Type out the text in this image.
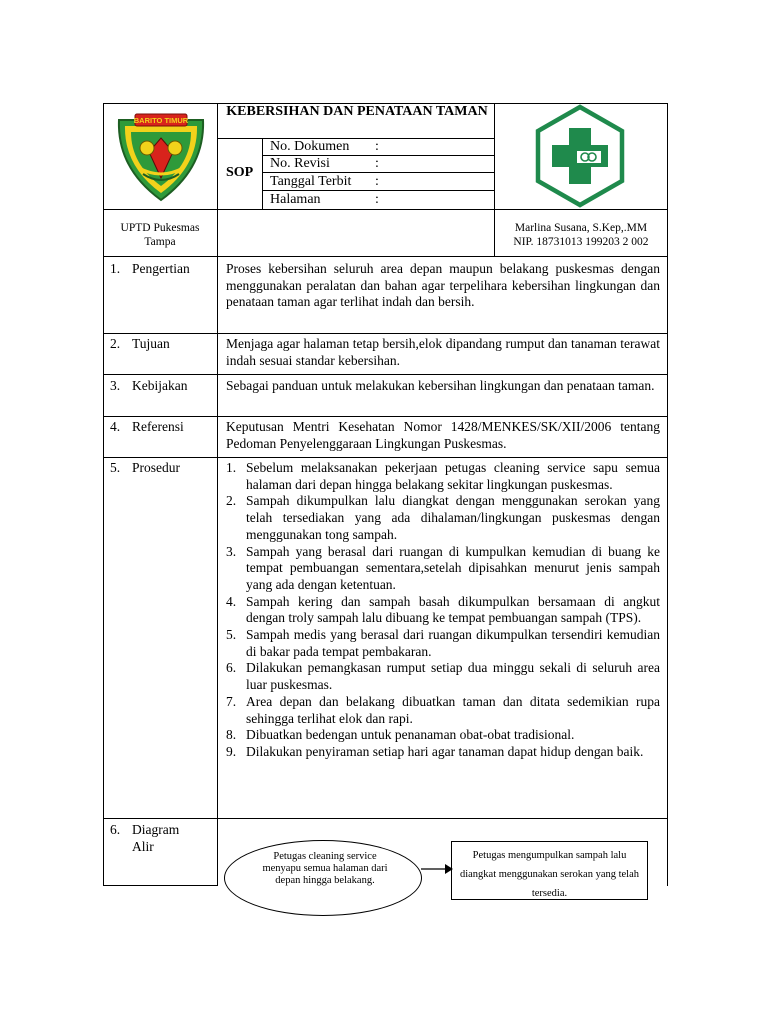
BARITO TIMUR
KEBERSIHAN DAN PENATAAN TAMAN
SOP
No. Dokumen :
No. Revisi	:
Tanggal Terbit :
Halaman	:
UPTD Pukesmas
Tampa
Marlina Susana, S.Kep,.MM
NIP. 18731013 199203 2 002
1. Pengertian
2. Tujuan
3. Kebijakan
4. Referensi
5. Prosedur
6. Diagram
Alir
Proses kebersihan seluruh area depan maupun belakang puskesmas dengan menggunakan peralatan dan bahan agar terpelihara kebersihan lingkungan dan penataan taman agar terlihat indah dan bersih.
Menjaga agar halaman tetap bersih,elok dipandang rumput dan tanaman terawat indah sesuai standar kebersihan.
Sebagai panduan untuk melakukan kebersihan lingkungan dan penataan taman.
Keputusan Mentri Kesehatan Nomor 1428/MENKES/SK/XII/2006 tentang Pedoman Penyelenggaraan Lingkungan Puskesmas.
1. Sebelum melaksanakan pekerjaan petugas cleaning service sapu semua halaman dari depan hingga belakang sekitar lingkungan puskesmas.
2. Sampah dikumpulkan lalu diangkat dengan menggunakan serokan yang telah tersediakan yang ada dihalaman/lingkungan puskesmas dengan menggunakan tong sampah.
3. Sampah yang berasal dari ruangan di kumpulkan kemudian di buang ke tempat pembuangan sementara,setelah dipisahkan menurut jenis sampah yang ada dengan ketentuan.
4. Sampah kering dan sampah basah dikumpulkan bersamaan di angkut dengan troly sampah lalu dibuang ke tempat pembuangan sampah (TPS).
5. Sampah medis yang berasal dari ruangan dikumpulkan tersendiri kemudian di bakar pada tempat pembakaran.
6. Dilakukan pemangkasan rumput setiap dua minggu sekali di seluruh area luar puskesmas.
7. Area depan dan belakang dibuatkan taman dan ditata sedemikian rupa sehingga terlihat elok dan rapi.
8. Dibuatkan bedengan untuk penanaman obat-obat tradisional.
9. Dilakukan penyiraman setiap hari agar tanaman dapat hidup dengan baik.
Petugas cleaning service menyapu semua halaman dari depan hingga belakang.
Petugas mengumpulkan sampah lalu diangkat menggunakan serokan yang telah tersedia.
